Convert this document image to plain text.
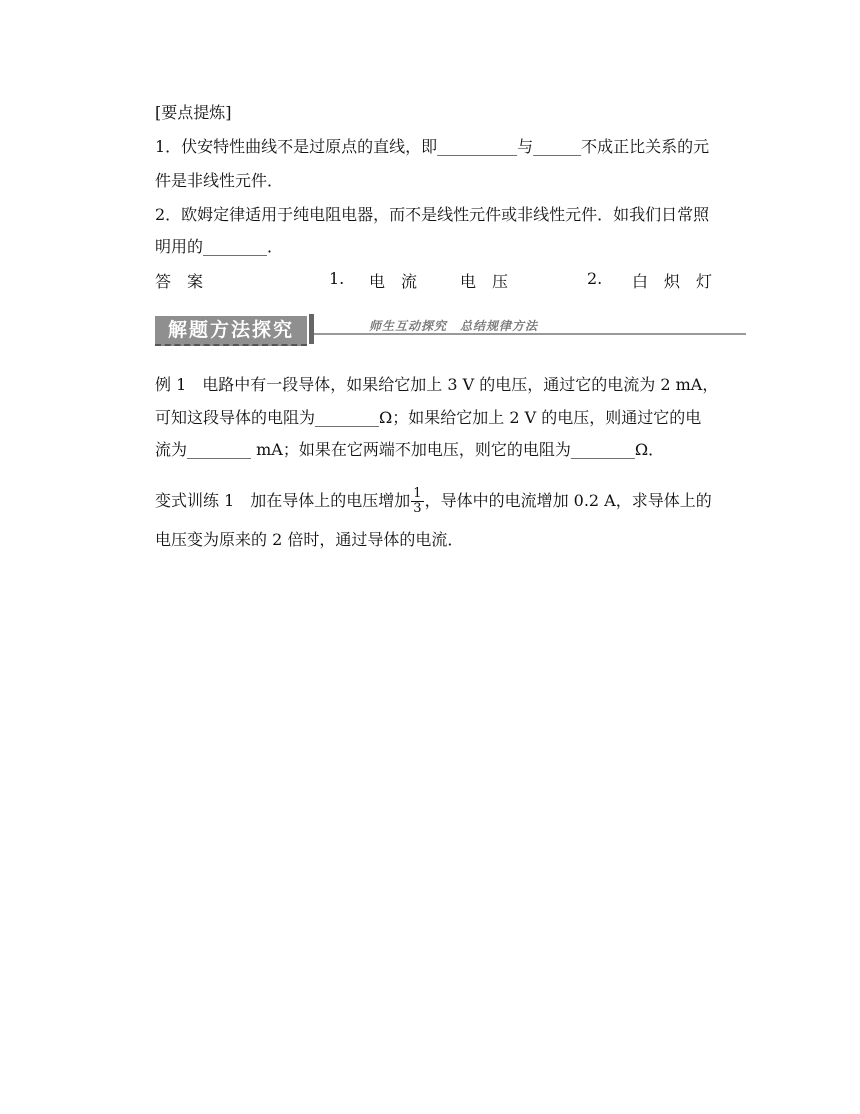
[要点提炼]
1．伏安特性曲线不是过原点的直线，即__________与______不成正比关系的元
件是非线性元件．
2．欧姆定律适用于纯电阻电器，而不是线性元件或非线性元件．如我们日常照
明用的________．
答　案	1. 电　流	电　压	2. 白　炽　灯
解题方法探究	师生互动探究　总结规律方法
例 1　电路中有一段导体，如果给它加上 3 V 的电压，通过它的电流为 2 mA，
可知这段导体的电阻为________Ω；如果给它加上 2 V 的电压，则通过它的电
流为________ mA；如果在它两端不加电压，则它的电阻为________Ω．
变式训练 1　加在导体上的电压增加 $\frac{1}{3}$ ，导体中的电流增加 0.2 A，求导体上的
电压变为原来的 2 倍时，通过导体的电流．
